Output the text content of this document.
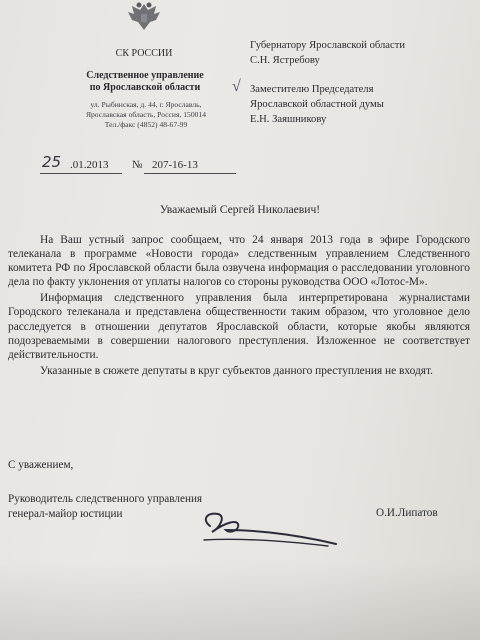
СК РОССИИ
Следственное управление
по Ярославской области
ул. Рыбинская, д. 44, г. Ярославль,
Ярославская область, Россия, 150014
Тел./факс (4852) 48-67-99
Губернатору Ярославской области
С.Н. Ястребову
√ Заместителю Председателя
Ярославской областной думы
Е.Н. Заяшникову
25 .01.2013 № 207-16-13
Уважаемый Сергей Николаевич!

На Ваш устный запрос сообщаем, что 24 января 2013 года в эфире Городского телеканала в программе «Новости города» следственным управлением Следственного комитета РФ по Ярославской области была озвучена информация о расследовании уголовного дела по факту уклонения от уплаты налогов со стороны руководства ООО «Лотос-М».

Информация следственного управления была интерпретирована журналистами Городского телеканала и представлена общественности таким образом, что уголовное дело расследуется в отношении депутатов Ярославской области, которые якобы являются подозреваемыми в совершении налогового преступления. Изложенное не соответствует действительности.

Указанные в сюжете депутаты в круг субъектов данного преступления не входят.

С уважением,
Руководитель следственного управления
генерал-майор юстиции	О.И.Липатов
